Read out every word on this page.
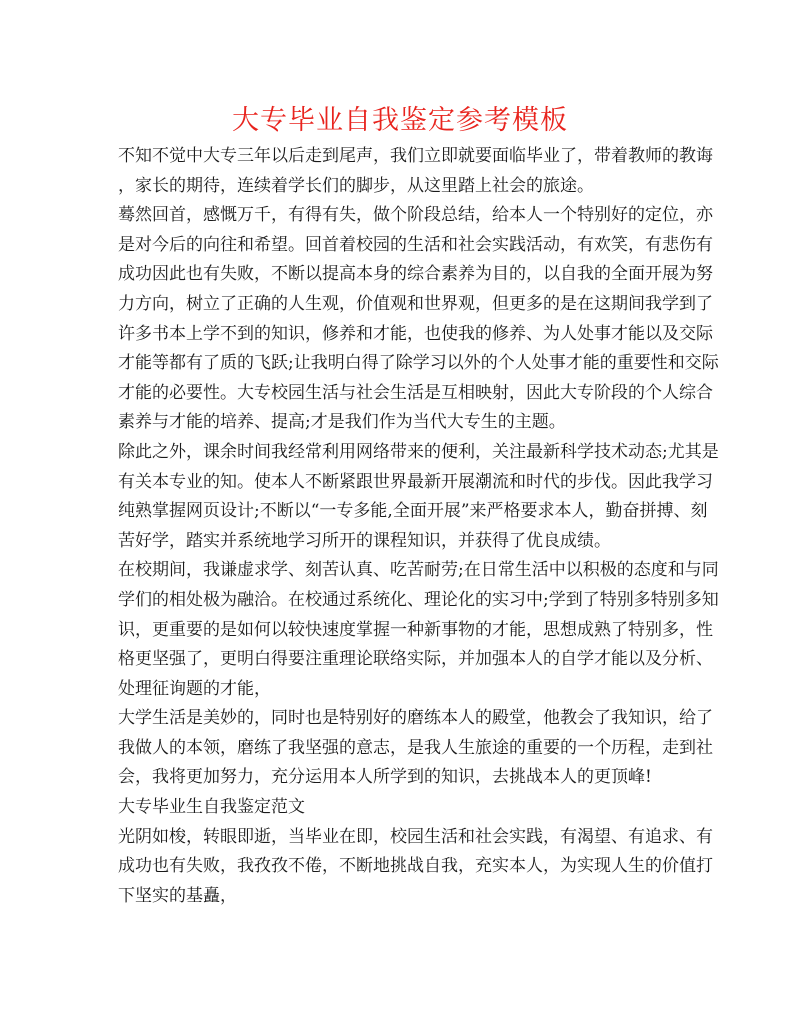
大专毕业自我鉴定参考模板
不知不觉中大专三年以后走到尾声，我们立即就要面临毕业了，带着教师的教诲
，家长的期待，连续着学长们的脚步，从这里踏上社会的旅途。
蓦然回首，感慨万千，有得有失，做个阶段总结，给本人一个特别好的定位，亦
是对今后的向往和希望。回首着校园的生活和社会实践活动，有欢笑，有悲伤有
成功因此也有失败，不断以提高本身的综合素养为目的，以自我的全面开展为努
力方向，树立了正确的人生观，价值观和世界观，但更多的是在这期间我学到了
许多书本上学不到的知识，修养和才能，也使我的修养、为人处事才能以及交际
才能等都有了质的飞跃;让我明白得了除学习以外的个人处事才能的重要性和交际
才能的必要性。大专校园生活与社会生活是互相映射，因此大专阶段的个人综合
素养与才能的培养、提高;才是我们作为当代大专生的主题。
除此之外，课余时间我经常利用网络带来的便利，关注最新科学技术动态;尤其是
有关本专业的知。使本人不断紧跟世界最新开展潮流和时代的步伐。因此我学习
纯熟掌握网页设计;不断以“一专多能,全面开展”来严格要求本人，勤奋拼搏、刻
苦好学，踏实并系统地学习所开的课程知识，并获得了优良成绩。
在校期间，我谦虚求学、刻苦认真、吃苦耐劳;在日常生活中以积极的态度和与同
学们的相处极为融洽。在校通过系统化、理论化的实习中;学到了特别多特别多知
识，更重要的是如何以较快速度掌握一种新事物的才能，思想成熟了特别多，性
格更坚强了，更明白得要注重理论联络实际，并加强本人的自学才能以及分析、
处理征询题的才能，
大学生活是美妙的，同时也是特别好的磨练本人的殿堂，他教会了我知识，给了
我做人的本领，磨练了我坚强的意志，是我人生旅途的重要的一个历程，走到社
会，我将更加努力，充分运用本人所学到的知识，去挑战本人的更顶峰!
大专毕业生自我鉴定范文
光阴如梭，转眼即逝，当毕业在即，校园生活和社会实践，有渴望、有追求、有
成功也有失败，我孜孜不倦，不断地挑战自我，充实本人，为实现人生的价值打
下坚实的基矗，
